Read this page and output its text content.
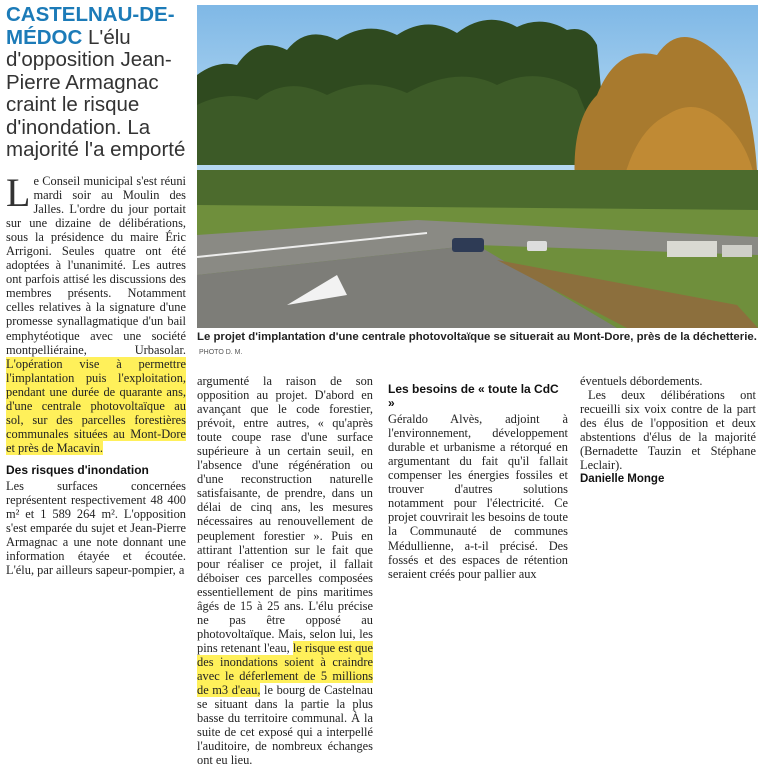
CASTELNAU-DE-MÉDOC L'élu d'opposition Jean-Pierre Armagnac craint le risque d'inondation. La majorité l'a emporté
Le projet d'implantation d'une centrale photovoltaïque se situerait au Mont-Dore, près de la déchetterie. PHOTO D. M.

L e Conseil municipal s'est réuni mardi soir au Moulin des Jalles. L'ordre du jour portait sur une dizaine de délibérations, sous la présidence du maire Éric Arrigoni. Seules quatre ont été adoptées à l'unanimité. Les autres ont parfois attisé les discussions des membres présents. Notamment celles relatives à la signature d'une promesse synallagmatique d'un bail emphytéotique avec une société montpelliéraine, Urbasolar. L'opération vise à permettre l'implantation puis l'exploitation, pendant une durée de quarante ans, d'une centrale photovoltaïque au sol, sur des parcelles forestières communales situées au Mont-Dore et près de Macavin.

Des risques d'inondation

Les surfaces concernées représentent respectivement 48 400 m² et 1 589 264 m². L'opposition s'est emparée du sujet et Jean-Pierre Armagnac a une note donnant une information étayée et écoutée. L'élu, par ailleurs sapeur-pompier, a

argumenté la raison de son opposition au projet. D'abord en avançant que le code forestier, prévoit, entre autres, « qu'après toute coupe rase d'une surface supérieure à un certain seuil, en l'absence d'une régénération ou d'une reconstruction naturelle satisfaisante, de prendre, dans un délai de cinq ans, les mesures nécessaires au renouvellement de peuplement forestier ». Puis en attirant l'attention sur le fait que pour réaliser ce projet, il fallait déboiser ces parcelles composées essentiellement de pins maritimes âgés de 15 à 25 ans. L'élu précise ne pas être opposé au photovoltaïque. Mais, selon lui, les pins retenant l'eau, le risque est que des inondations soient à craindre avec le déferlement de 5 millions de m3 d'eau, le bourg de Castelnau se situant dans la partie la plus basse du territoire communal. À la suite de cet exposé qui a interpellé l'auditoire, de nombreux échanges ont eu lieu.

Les besoins de « toute la CdC »

Géraldo Alvès, adjoint à l'environnement, développement durable et urbanisme a rétorqué en argumentant du fait qu'il fallait compenser les énergies fossiles et trouver d'autres solutions notamment pour l'électricité. Ce projet couvrirait les besoins de toute la Communauté de communes Médullienne, a-t-il précisé. Des fossés et des espaces de rétention seraient créés pour pallier aux

éventuels débordements.

Les deux délibérations ont recueilli six voix contre de la part des élus de l'opposition et deux abstentions d'élus de la majorité (Bernadette Tauzin et Stéphane Leclair).

Danielle Monge
